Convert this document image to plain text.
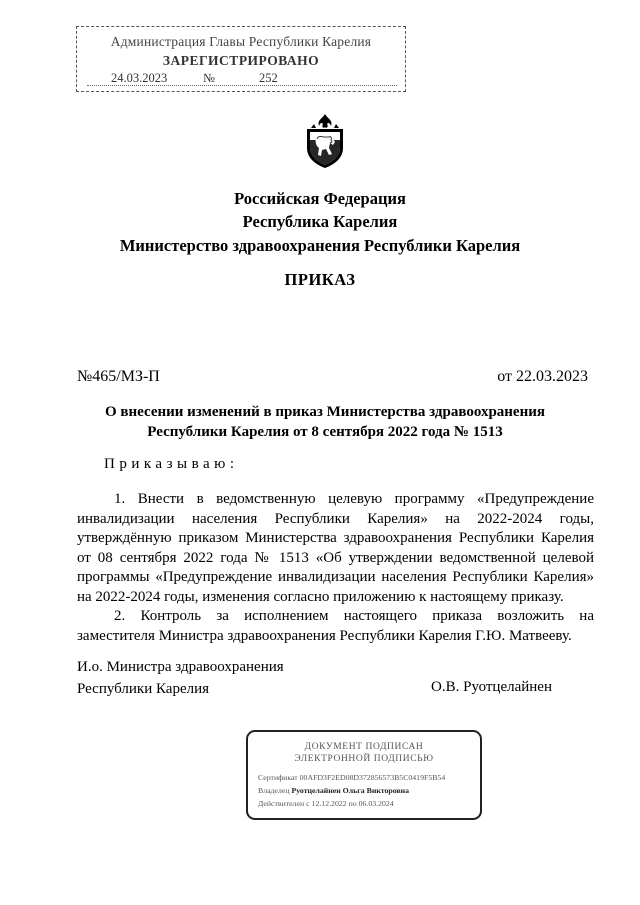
Администрация Главы Республики Карелия
ЗАРЕГИСТРИРОВАНО
24.03.2023	№	252
Российская Федерация
Республика Карелия
Министерство здравоохранения Республики Карелия
ПРИКАЗ
№465/МЗ-П	от 22.03.2023
О внесении изменений в приказ Министерства здравоохранения
Республики Карелия от 8 сентября 2022 года № 1513
Приказываю:

1. Внести в ведомственную целевую программу «Предупреждение инвалидизации населения Республики Карелия» на 2022-2024 годы, утверждённую приказом Министерства здравоохранения Республики Карелия от 08 сентября 2022 года № 1513 «Об утверждении ведомственной целевой программы «Предупреждение инвалидизации населения Республики Карелия» на 2022-2024 годы, изменения согласно приложению к настоящему приказу.

2. Контроль за исполнением настоящего приказа возложить на заместителя Министра здравоохранения Республики Карелия Г.Ю. Матвееву.

И.о. Министра здравоохранения
Республики Карелия	О.В. Руотцелайнен
ДОКУМЕНТ ПОДПИСАН
ЭЛЕКТРОННОЙ ПОДПИСЬЮ
Сертификат 00AFD3F2ED08D372856573B5C0419F5B54
Владелец Руотцелайнен Ольга Викторовна
Действителен с 12.12.2022 по 06.03.2024
